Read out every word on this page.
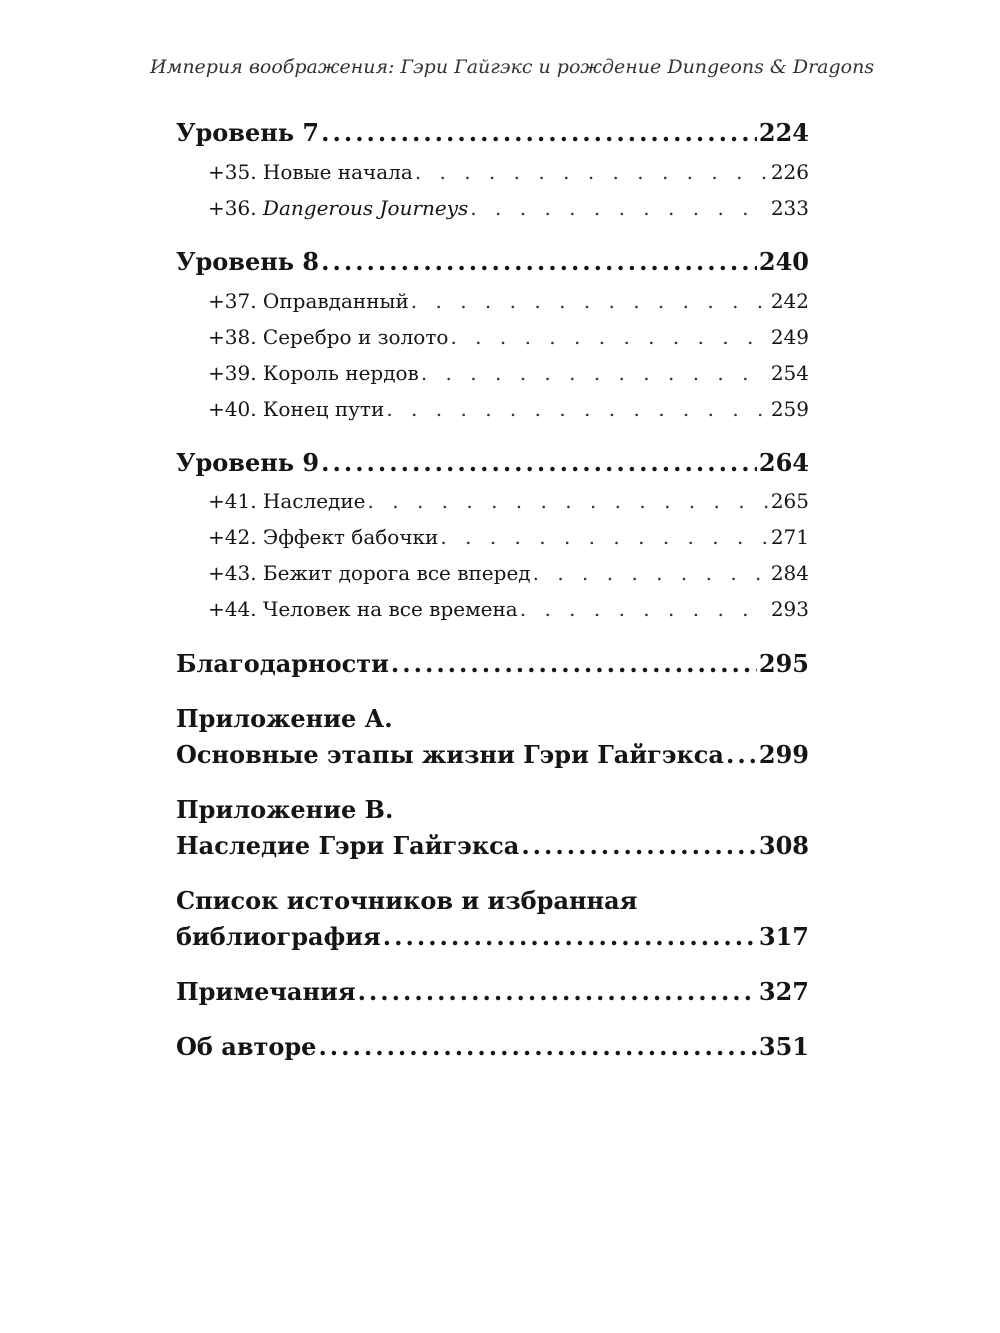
Империя воображения: Гэри Гайгэкс и рождение Dungeons & Dragons
Уровень 7 .....	224
+35. Новые начала . . .	226
+36. Dangerous Journeys . . .	233
Уровень 8 .....	240
+37. Оправданный . . .	242
+38. Серебро и золото . . .	249
+39. Король нердов . . .	254
+40. Конец пути . . .	259
Уровень 9 .....	264
+41. Наследие . . .	265
+42. Эффект бабочки . . .	271
+43. Бежит дорога все вперед . . .	284
+44. Человек на все времена . . .	293
Благодарности .....	295
Приложение А.
Основные этапы жизни Гэри Гайгэкса ..... 299
Приложение В.
Наследие Гэри Гайгэкса .....	308
Список источников и избранная
библиография .....	317
Примечания .....	327
Об авторе .....	351
